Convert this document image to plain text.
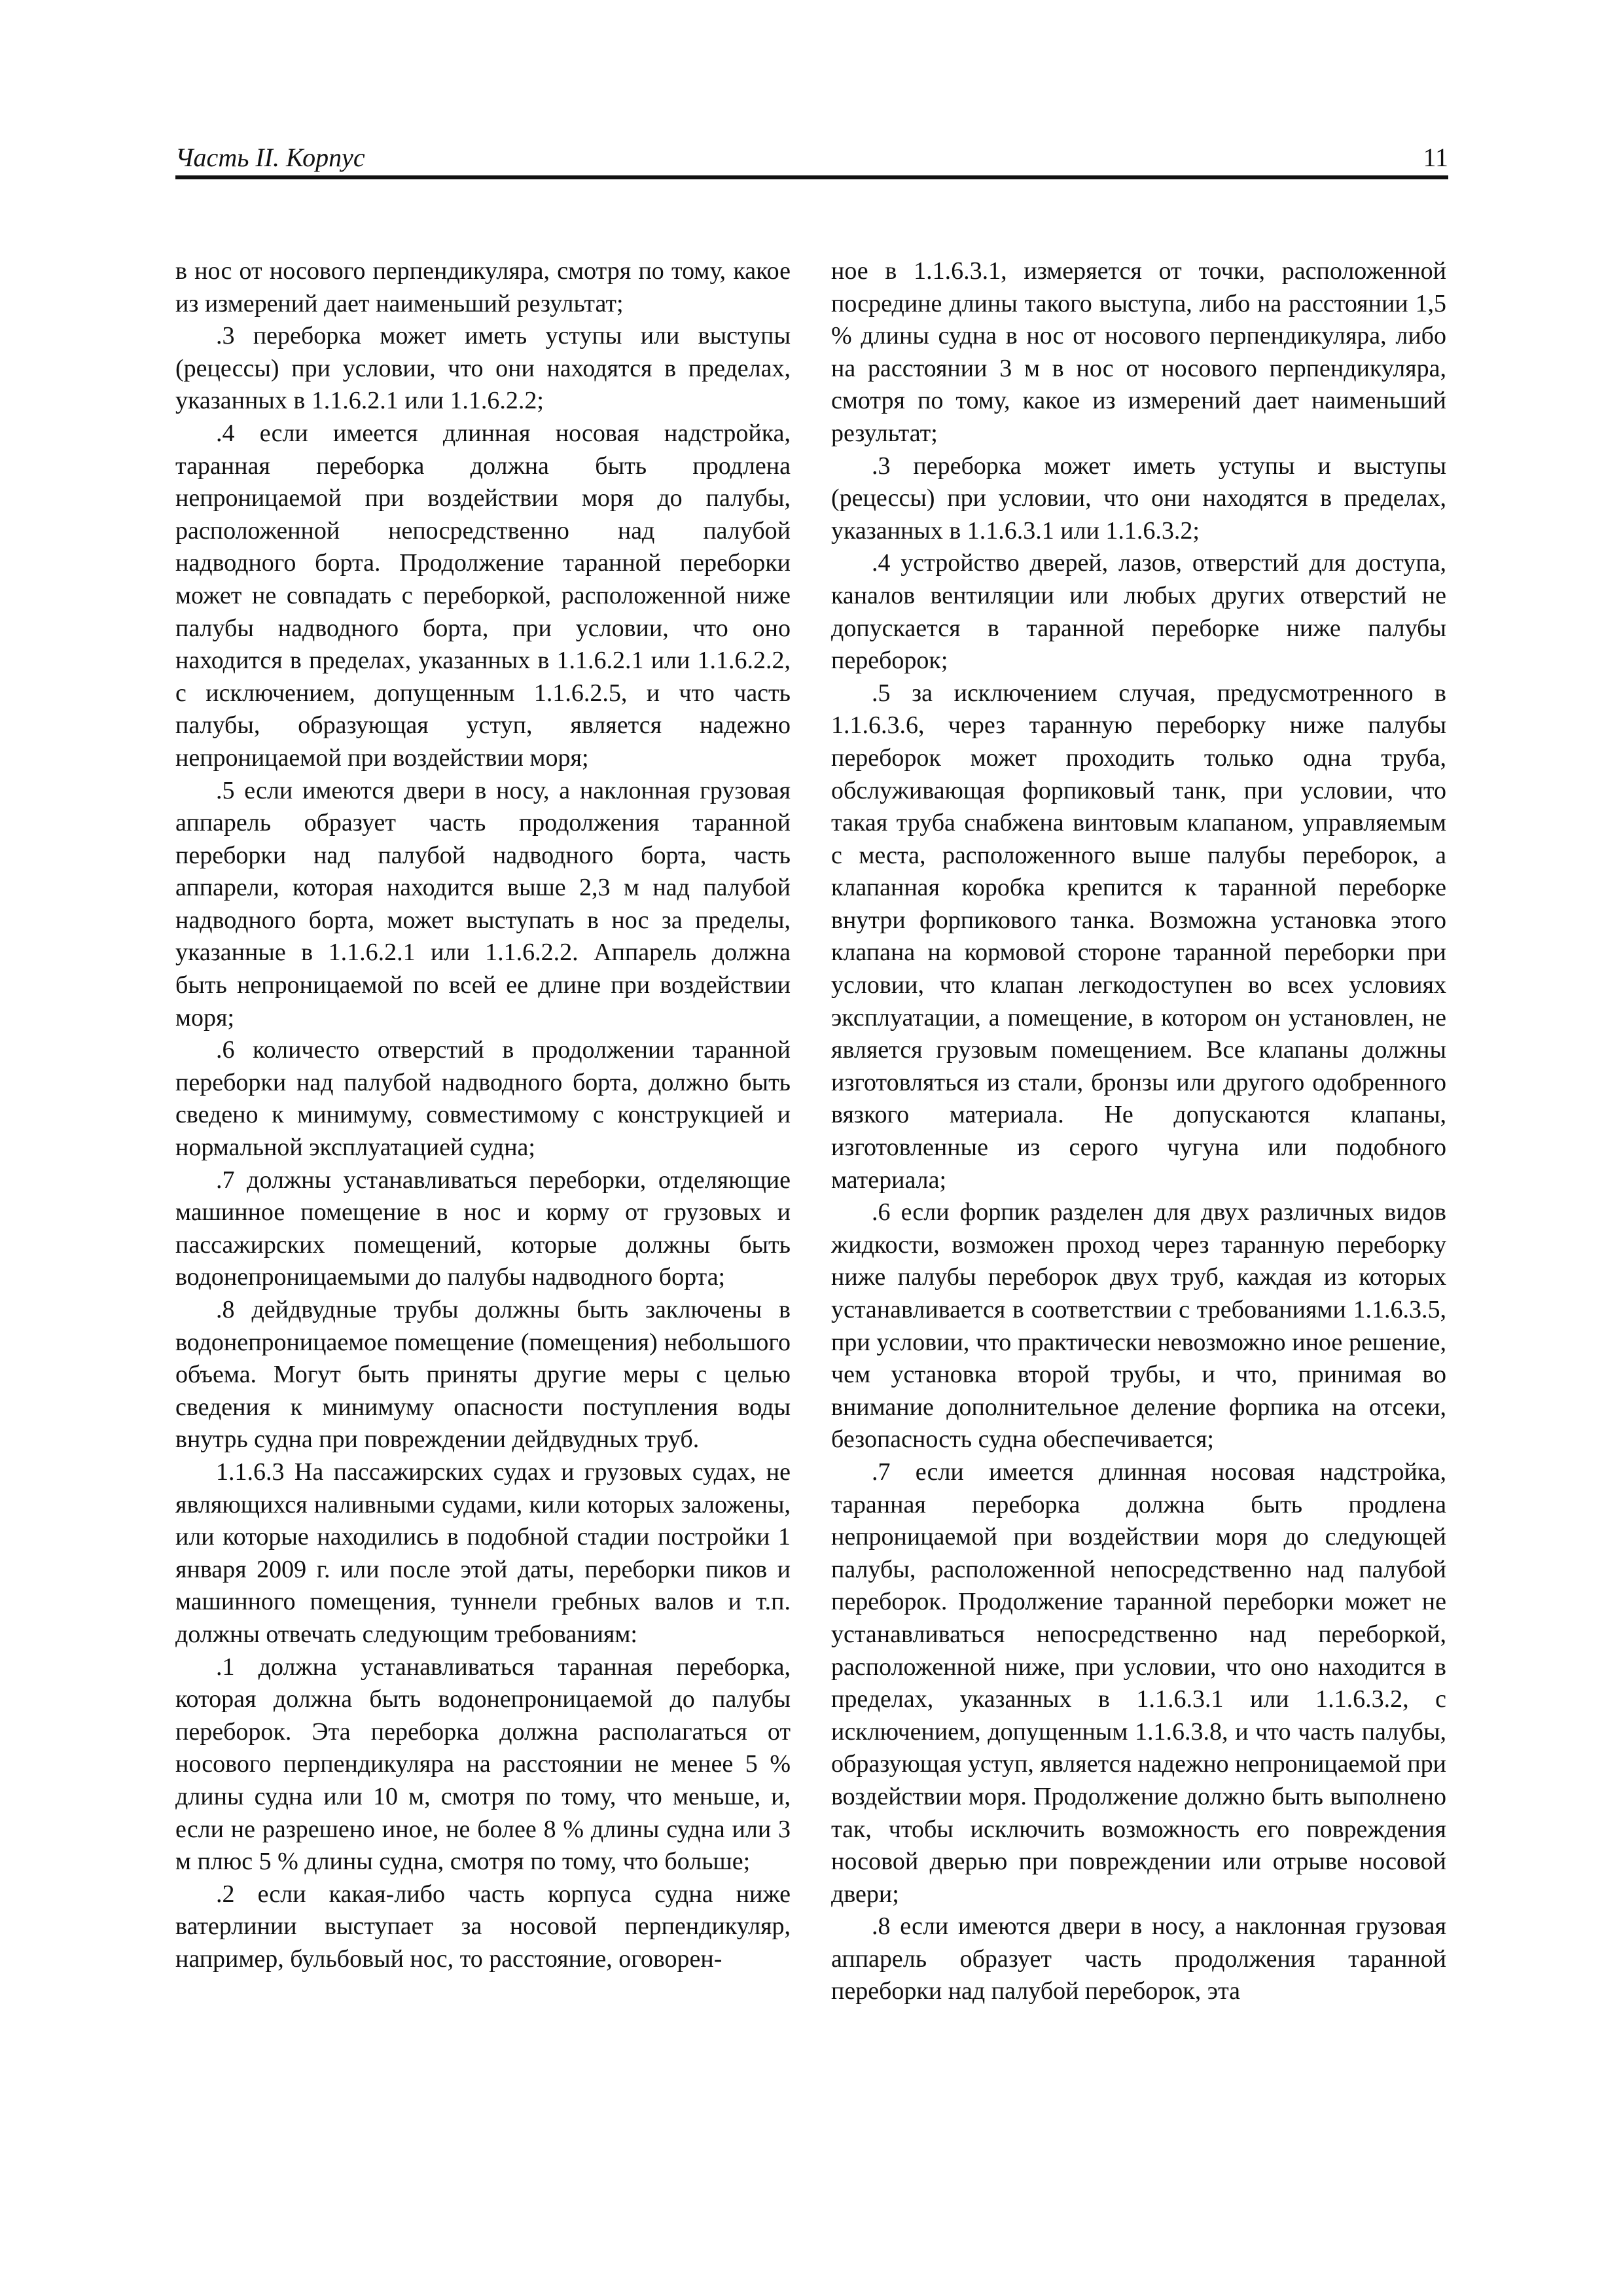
Часть II. Корпус	11

в нос от носового перпендикуляра, смотря по тому, какое из измерений дает наименьший результат;

.3 переборка может иметь уступы или выступы (рецессы) при условии, что они находятся в пределах, указанных в 1.1.6.2.1 или 1.1.6.2.2;

.4 если имеется длинная носовая надстройка, таранная переборка должна быть продлена непроницаемой при воздействии моря до палубы, расположенной непосредственно над палубой надводного борта. Продолжение таранной переборки может не совпадать с переборкой, расположенной ниже палубы надводного борта, при условии, что оно находится в пределах, указанных в 1.1.6.2.1 или 1.1.6.2.2, с исключением, допущенным 1.1.6.2.5, и что часть палубы, образующая уступ, является надежно непроницаемой при воздействии моря;

.5 если имеются двери в носу, а наклонная грузовая аппарель образует часть продолжения таранной переборки над палубой надводного борта, часть аппарели, которая находится выше 2,3 м над палубой надводного борта, может выступать в нос за пределы, указанные в 1.1.6.2.1 или 1.1.6.2.2. Аппарель должна быть непроницаемой по всей ее длине при воздействии моря;

.6 количесто отверстий в продолжении таранной переборки над палубой надводного борта, должно быть сведено к минимуму, совместимому с конструкцией и нормальной эксплуатацией судна;

.7 должны устанавливаться переборки, отделяющие машинное помещение в нос и корму от грузовых и пассажирских помещений, которые должны быть водонепроницаемыми до палубы надводного борта;

.8 дейдвудные трубы должны быть заключены в водонепроницаемое помещение (помещения) небольшого объема. Могут быть приняты другие меры с целью сведения к минимуму опасности поступления воды внутрь судна при повреждении дейдвудных труб.

1.1.6.3 На пассажирских судах и грузовых судах, не являющихся наливными судами, кили которых заложены, или которые находились в подобной стадии постройки 1 января 2009 г. или после этой даты, переборки пиков и машинного помещения, туннели гребных валов и т.п. должны отвечать следующим требованиям:

.1 должна устанавливаться таранная переборка, которая должна быть водонепроницаемой до палубы переборок. Эта переборка должна располагаться от носового перпендикуляра на расстоянии не менее 5 % длины судна или 10 м, смотря по тому, что меньше, и, если не разрешено иное, не более 8 % длины судна или 3 м плюс 5 % длины судна, смотря по тому, что больше;

.2 если какая-либо часть корпуса судна ниже ватерлинии выступает за носовой перпендикуляр, например, бульбовый нос, то расстояние, оговорен-

ное в 1.1.6.3.1, измеряется от точки, расположенной посредине длины такого выступа, либо на расстоянии 1,5 % длины судна в нос от носового перпендикуляра, либо на расстоянии 3 м в нос от носового перпендикуляра, смотря по тому, какое из измерений дает наименьший результат;

.3 переборка может иметь уступы и выступы (рецессы) при условии, что они находятся в пределах, указанных в 1.1.6.3.1 или 1.1.6.3.2;

.4 устройство дверей, лазов, отверстий для доступа, каналов вентиляции или любых других отверстий не допускается в таранной переборке ниже палубы переборок;

.5 за исключением случая, предусмотренного в 1.1.6.3.6, через таранную переборку ниже палубы переборок может проходить только одна труба, обслуживающая форпиковый танк, при условии, что такая труба снабжена винтовым клапаном, управляемым с места, расположенного выше палубы переборок, а клапанная коробка крепится к таранной переборке внутри форпикового танка. Возможна установка этого клапана на кормовой стороне таранной переборки при условии, что клапан легкодоступен во всех условиях эксплуатации, а помещение, в котором он установлен, не является грузовым помещением. Все клапаны должны изготовляться из стали, бронзы или другого одобренного вязкого материала. Не допускаются клапаны, изготовленные из серого чугуна или подобного материала;

.6 если форпик разделен для двух различных видов жидкости, возможен проход через таранную переборку ниже палубы переборок двух труб, каждая из которых устанавливается в соответствии с требованиями 1.1.6.3.5, при условии, что практически невозможно иное решение, чем установка второй трубы, и что, принимая во внимание дополнительное деление форпика на отсеки, безопасность судна обеспечивается;

.7 если имеется длинная носовая надстройка, таранная переборка должна быть продлена непроницаемой при воздействии моря до следующей палубы, расположенной непосредственно над палубой переборок. Продолжение таранной переборки может не устанавливаться непосредственно над переборкой, расположенной ниже, при условии, что оно находится в пределах, указанных в 1.1.6.3.1 или 1.1.6.3.2, с исключением, допущенным 1.1.6.3.8, и что часть палубы, образующая уступ, является надежно непроницаемой при воздействии моря. Продолжение должно быть выполнено так, чтобы исключить возможность его повреждения носовой дверью при повреждении или отрыве носовой двери;

.8 если имеются двери в носу, а наклонная грузовая аппарель образует часть продолжения таранной переборки над палубой переборок, эта
